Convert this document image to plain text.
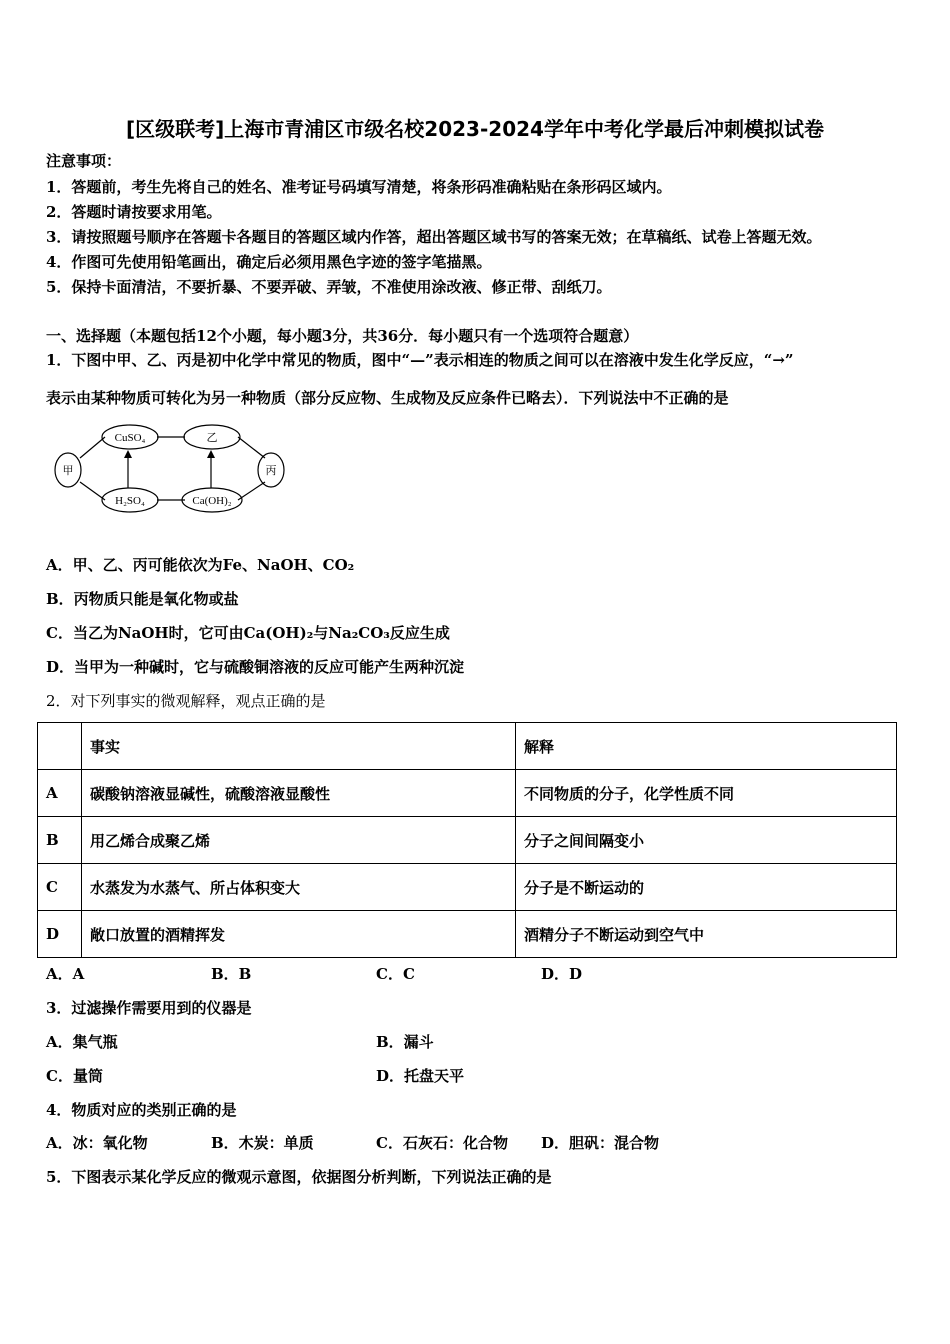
[区级联考]上海市青浦区市级名校2023-2024学年中考化学最后冲刺模拟试卷
注意事项：
1．答题前，考生先将自己的姓名、准考证号码填写清楚，将条形码准确粘贴在条形码区域内。
2．答题时请按要求用笔。
3．请按照题号顺序在答题卡各题目的答题区域内作答，超出答题区域书写的答案无效；在草稿纸、试卷上答题无效。
4．作图可先使用铅笔画出，确定后必须用黑色字迹的签字笔描黑。
5．保持卡面清洁，不要折暴、不要弄破、弄皱，不准使用涂改液、修正带、刮纸刀。
一、选择题（本题包括12个小题，每小题3分，共36分．每小题只有一个选项符合题意）
1．下图中甲、乙、丙是初中化学中常见的物质，图中“—”表示相连的物质之间可以在溶液中发生化学反应，“→”
表示由某种物质可转化为另一种物质（部分反应物、生成物及反应条件已略去）．下列说法中不正确的是
甲
CuSO₄	乙
丙
H₂SO₄	Ca(OH)₂
A．甲、乙、丙可能依次为Fe、NaOH、CO₂
B．丙物质只能是氧化物或盐
C．当乙为NaOH时，它可由Ca(OH)₂与Na₂CO₃反应生成
D．当甲为一种碱时，它与硫酸铜溶液的反应可能产生两种沉淀
2．对下列事实的微观解释，观点正确的是
	事实	解释
A	碳酸钠溶液显碱性，硫酸溶液显酸性	不同物质的分子，化学性质不同
B	用乙烯合成聚乙烯	分子之间间隔变小
C	水蒸发为水蒸气、所占体积变大	分子是不断运动的
D	敞口放置的酒精挥发	酒精分子不断运动到空气中
A．A	B．B	C．C	D．D
3．过滤操作需要用到的仪器是
A．集气瓶	B．漏斗
C．量筒	D．托盘天平
4．物质对应的类别正确的是
A．冰：氧化物	B．木炭：单质	C．石灰石：化合物 D．胆矾：混合物
5．下图表示某化学反应的微观示意图，依据图分析判断，下列说法正确的是
